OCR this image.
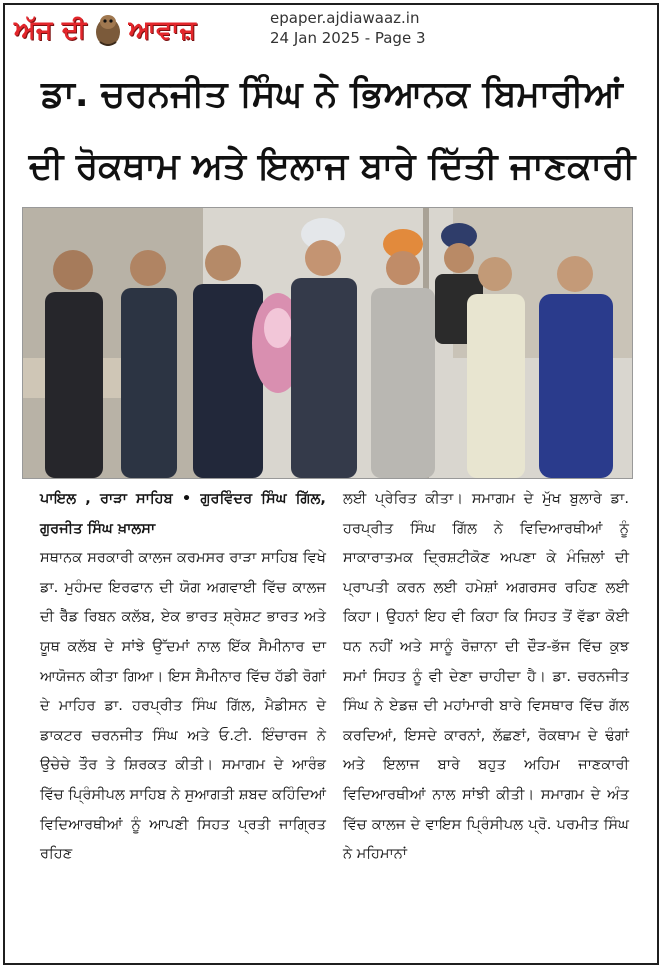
ਅੱਜ ਦੀ ਆਵਾਜ਼	epaper.ajdiawaaz.in
24 Jan 2025 - Page 3
ਡਾ. ਚਰਨਜੀਤ ਸਿੰਘ ਨੇ ਭਿਆਨਕ ਬਿਮਾਰੀਆਂ
ਦੀ ਰੋਕਥਾਮ ਅਤੇ ਇਲਾਜ ਬਾਰੇ ਦਿੱਤੀ ਜਾਣਕਾਰੀ

ਪਾਇਲ , ਰਾੜਾ ਸਾਹਿਬ • ਗੁਰਵਿੰਦਰ ਸਿੰਘ ਗਿੱਲ, ਗੁਰਜੀਤ ਸਿੰਘ ਖ਼ਾਲਸਾ

ਸਥਾਨਕ ਸਰਕਾਰੀ ਕਾਲਜ ਕਰਮਸਰ ਰਾੜਾ ਸਾਹਿਬ ਵਿਖੇ ਡਾ. ਮੁਹੰਮਦ ਇਰਫਾਨ ਦੀ ਯੋਗ ਅਗਵਾਈ ਵਿੱਚ ਕਾਲਜ ਦੀ ਰੈੱਡ ਰਿਬਨ ਕਲੱਬ, ਏਕ ਭਾਰਤ ਸ਼੍ਰੇਸ਼ਟ ਭਾਰਤ ਅਤੇ ਯੂਥ ਕਲੱਬ ਦੇ ਸਾਂਝੇ ਉੱਦਮਾਂ ਨਾਲ ਇੱਕ ਸੈਮੀਨਾਰ ਦਾ ਆਯੋਜਨ ਕੀਤਾ ਗਿਆ। ਇਸ ਸੈਮੀਨਾਰ ਵਿੱਚ ਹੱਡੀ ਰੋਗਾਂ ਦੇ ਮਾਹਿਰ ਡਾ. ਹਰਪ੍ਰੀਤ ਸਿੰਘ ਗਿੱਲ, ਮੈਡੀਸਨ ਦੇ ਡਾਕਟਰ ਚਰਨਜੀਤ ਸਿੰਘ ਅਤੇ ਓ.ਟੀ. ਇੰਚਾਰਜ ਨੇ ਉਚੇਚੇ ਤੌਰ ਤੇ ਸ਼ਿਰਕਤ ਕੀਤੀ। ਸਮਾਗਮ ਦੇ ਆਰੰਭ ਵਿੱਚ ਪ੍ਰਿੰਸੀਪਲ ਸਾਹਿਬ ਨੇ ਸੁਆਗਤੀ ਸ਼ਬਦ ਕਹਿੰਦਿਆਂ ਵਿਦਿਆਰਥੀਆਂ ਨੂੰ ਆਪਣੀ ਸਿਹਤ ਪ੍ਰਤੀ ਜਾਗ੍ਰਿਤ ਰਹਿਣ

ਲਈ ਪ੍ਰੇਰਿਤ ਕੀਤਾ। ਸਮਾਗਮ ਦੇ ਮੁੱਖ ਬੁਲਾਰੇ ਡਾ. ਹਰਪ੍ਰੀਤ ਸਿੰਘ ਗਿੱਲ ਨੇ ਵਿਦਿਆਰਥੀਆਂ ਨੂੰ ਸਾਕਾਰਾਤਮਕ ਦ੍ਰਿਸ਼ਟੀਕੋਣ ਅਪਣਾ ਕੇ ਮੰਜ਼ਿਲਾਂ ਦੀ ਪ੍ਰਾਪਤੀ ਕਰਨ ਲਈ ਹਮੇਸ਼ਾਂ ਅਗਰਸਰ ਰਹਿਣ ਲਈ ਕਿਹਾ। ਉਹਨਾਂ ਇਹ ਵੀ ਕਿਹਾ ਕਿ ਸਿਹਤ ਤੋਂ ਵੱਡਾ ਕੋਈ ਧਨ ਨਹੀਂ ਅਤੇ ਸਾਨੂੰ ਰੋਜ਼ਾਨਾ ਦੀ ਦੌੜ-ਭੱਜ ਵਿੱਚ ਕੁਝ ਸਮਾਂ ਸਿਹਤ ਨੂੰ ਵੀ ਦੇਣਾ ਚਾਹੀਦਾ ਹੈ। ਡਾ. ਚਰਨਜੀਤ ਸਿੰਘ ਨੇ ਏਡਜ਼ ਦੀ ਮਹਾਂਮਾਰੀ ਬਾਰੇ ਵਿਸਥਾਰ ਵਿੱਚ ਗੱਲ ਕਰਦਿਆਂ, ਇਸਦੇ ਕਾਰਨਾਂ, ਲੱਛਣਾਂ, ਰੋਕਥਾਮ ਦੇ ਢੰਗਾਂ ਅਤੇ ਇਲਾਜ ਬਾਰੇ ਬਹੁਤ ਅਹਿਮ ਜਾਣਕਾਰੀ ਵਿਦਿਆਰਥੀਆਂ ਨਾਲ ਸਾਂਝੀ ਕੀਤੀ। ਸਮਾਗਮ ਦੇ ਅੰਤ ਵਿੱਚ ਕਾਲਜ ਦੇ ਵਾਇਸ ਪ੍ਰਿੰਸੀਪਲ ਪ੍ਰੋ. ਪਰਮੀਤ ਸਿੰਘ ਨੇ ਮਹਿਮਾਨਾਂ
